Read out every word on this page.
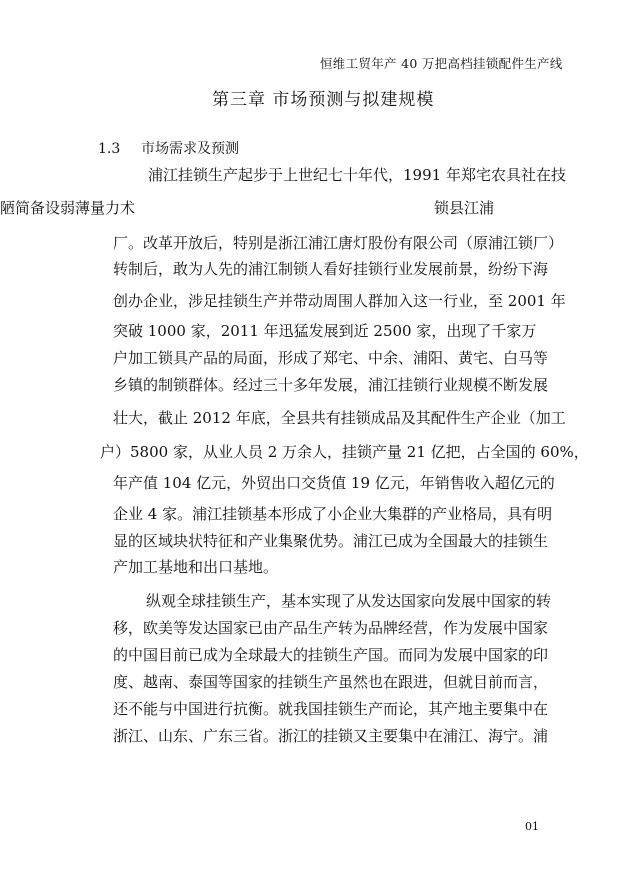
恒维工贸年产 40 万把高档挂锁配件生产线
第三章 市场预测与拟建规模
1.3 市场需求及预测
浦江挂锁生产起步于上世纪七十年代，1991 年郑宅农具社在技
陋简备设弱薄量力术	锁县江浦
厂。改革开放后，特别是浙江浦江唐灯股份有限公司（原浦江锁厂）
转制后，敢为人先的浦江制锁人看好挂锁行业发展前景，纷纷下海
创办企业，涉足挂锁生产并带动周围人群加入这一行业，至 2001 年
突破 1000 家，2011 年迅猛发展到近 2500 家，出现了千家万
户加工锁具产品的局面，形成了郑宅、中余、浦阳、黄宅、白马等
乡镇的制锁群体。经过三十多年发展，浦江挂锁行业规模不断发展
壮大，截止 2012 年底，全县共有挂锁成品及其配件生产企业（加工
户）5800 家，从业人员 2 万余人，挂锁产量 21 亿把，占全国的 60%，
年产值 104 亿元，外贸出口交货值 19 亿元，年销售收入超亿元的
企业 4 家。浦江挂锁基本形成了小企业大集群的产业格局，具有明
显的区域块状特征和产业集聚优势。浦江已成为全国最大的挂锁生
产加工基地和出口基地。
纵观全球挂锁生产，基本实现了从发达国家向发展中国家的转
移，欧美等发达国家已由产品生产转为品牌经营，作为发展中国家
的中国目前已成为全球最大的挂锁生产国。而同为发展中国家的印
度、越南、泰国等国家的挂锁生产虽然也在跟进，但就目前而言，
还不能与中国进行抗衡。就我国挂锁生产而论，其产地主要集中在
浙江、山东、广东三省。浙江的挂锁又主要集中在浦江、海宁。浦
01
